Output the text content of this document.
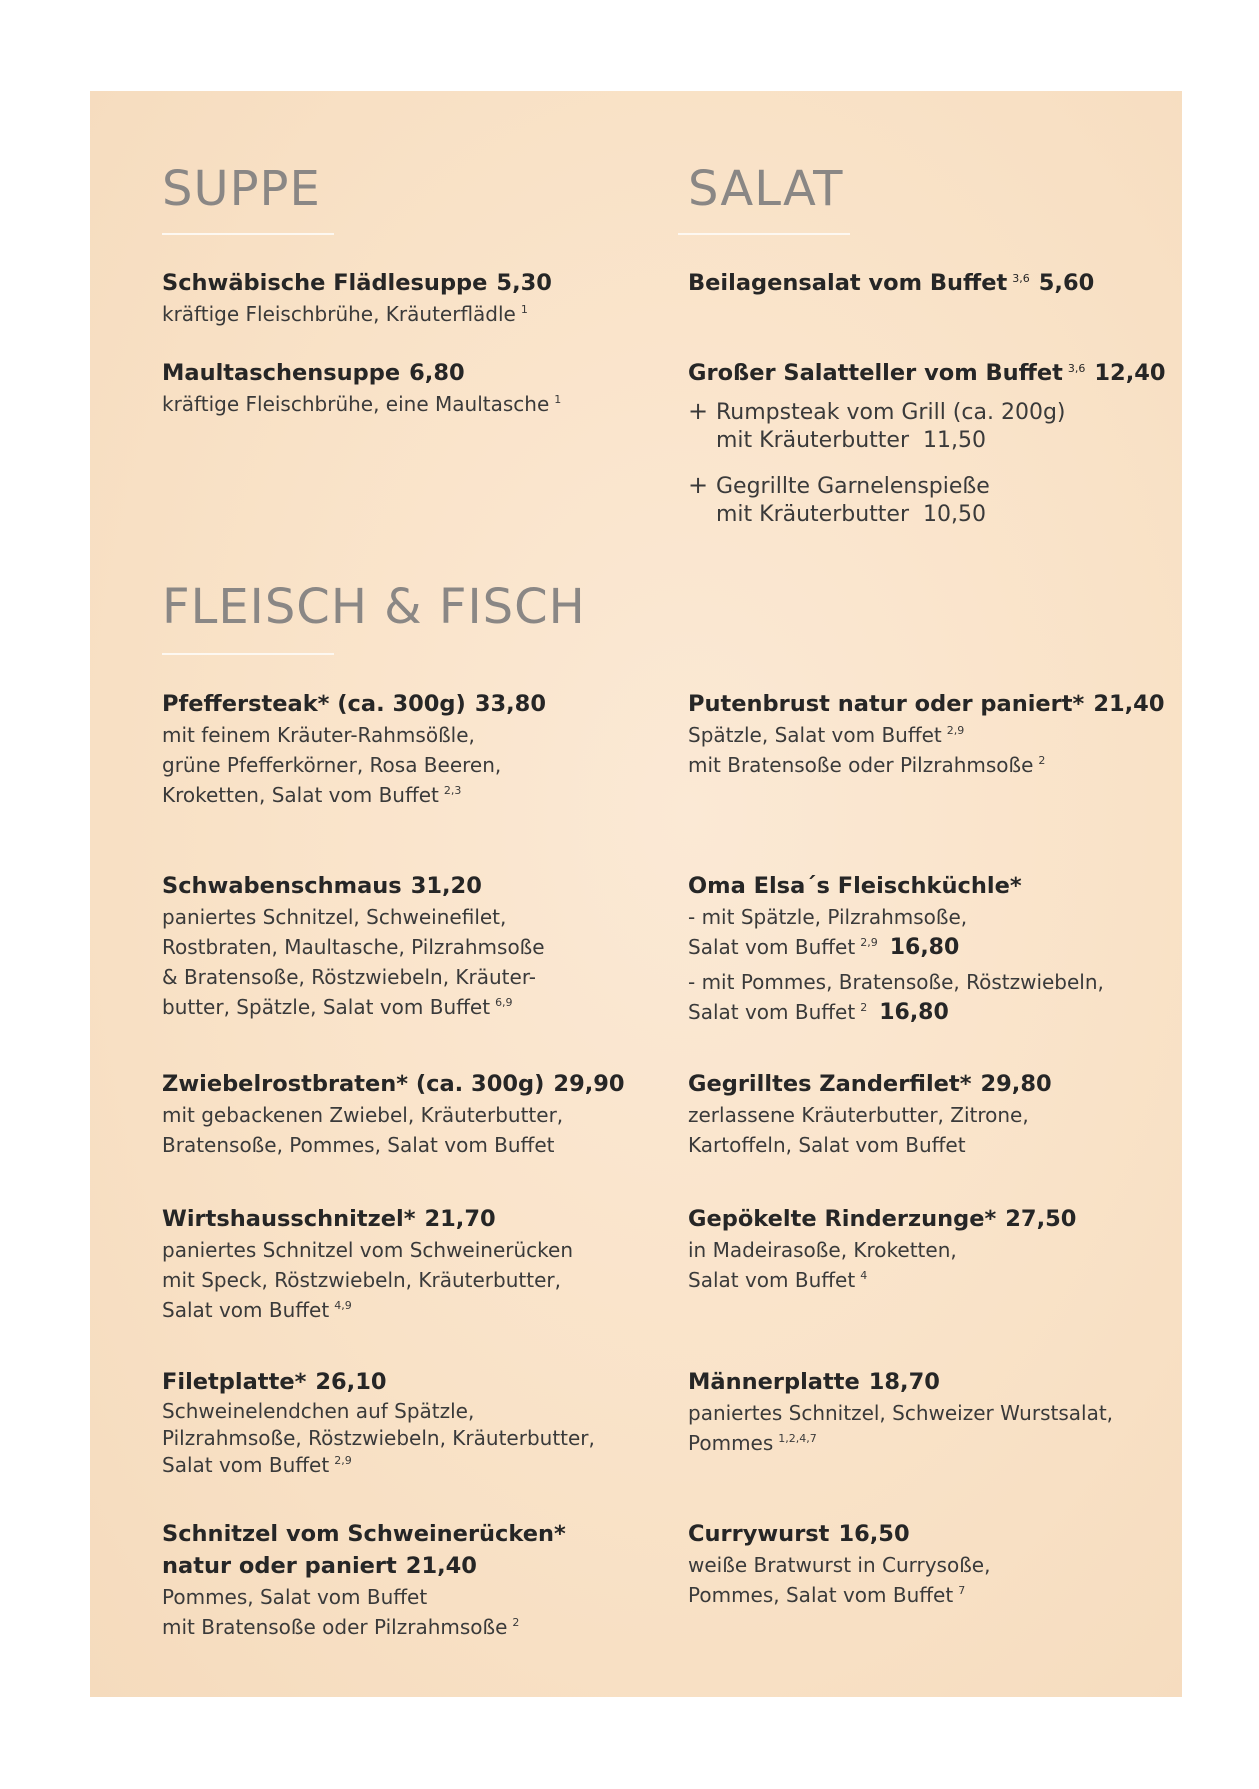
SUPPE
Schwäbische Flädlesuppe 5,30
kräftige Fleischbrühe, Kräuterflädle $^1$
Maultaschensuppe 6,80
kräftige Fleischbrühe, eine Maultasche $^1$
SALAT
Beilagensalat vom Buffet $^{3,6}$ 5,60
Großer Salatteller vom Buffet $^{3,6}$ 12,40
+ Rumpsteak vom Grill (ca. 200g)
mit Kräuterbutter 11,50
+ Gegrillte Garnelenspieße
mit Kräuterbutter 10,50
FLEISCH & FISCH
Pfeffersteak* (ca. 300g) 33,80
mit feinem Kräuter-Rahmsößle,
grüne Pfefferkörner, Rosa Beeren,
Kroketten, Salat vom Buffet $^{2,3}$
Schwabenschmaus 31,20
paniertes Schnitzel, Schweinefilet,
Rostbraten, Maultasche, Pilzrahmsoße
& Bratensoße, Röstzwiebeln, Kräuter-
butter, Spätzle, Salat vom Buffet $^{6,9}$
Zwiebelrostbraten* (ca. 300g) 29,90
mit gebackenen Zwiebel, Kräuterbutter,
Bratensoße, Pommes, Salat vom Buffet
Wirtshausschnitzel* 21,70
paniertes Schnitzel vom Schweinerücken
mit Speck, Röstzwiebeln, Kräuterbutter,
Salat vom Buffet $^{4,9}$
Filetplatte* 26,10
Schweinelendchen auf Spätzle,
Pilzrahmsoße, Röstzwiebeln, Kräuterbutter,
Salat vom Buffet $^{2,9}$
Schnitzel vom Schweinerücken*
natur oder paniert 21,40
Pommes, Salat vom Buffet
mit Bratensoße oder Pilzrahmsoße $^2$
Putenbrust natur oder paniert* 21,40
Spätzle, Salat vom Buffet $^{2,9}$
mit Bratensoße oder Pilzrahmsoße $^2$
Oma Elsa´s Fleischküchle*
- mit Spätzle, Pilzrahmsoße,
Salat vom Buffet $^{2,9}$ 16,80
- mit Pommes, Bratensoße, Röstzwiebeln,
Salat vom Buffet $^2$ 16,80
Gegrilltes Zanderfilet* 29,80
zerlassene Kräuterbutter, Zitrone,
Kartoffeln, Salat vom Buffet
Gepökelte Rinderzunge* 27,50
in Madeirasoße, Kroketten,
Salat vom Buffet $^4$
Männerplatte 18,70
paniertes Schnitzel, Schweizer Wurstsalat,
Pommes $^{1,2,4,7}$
Currywurst 16,50
weiße Bratwurst in Currysoße,
Pommes, Salat vom Buffet $^7$
